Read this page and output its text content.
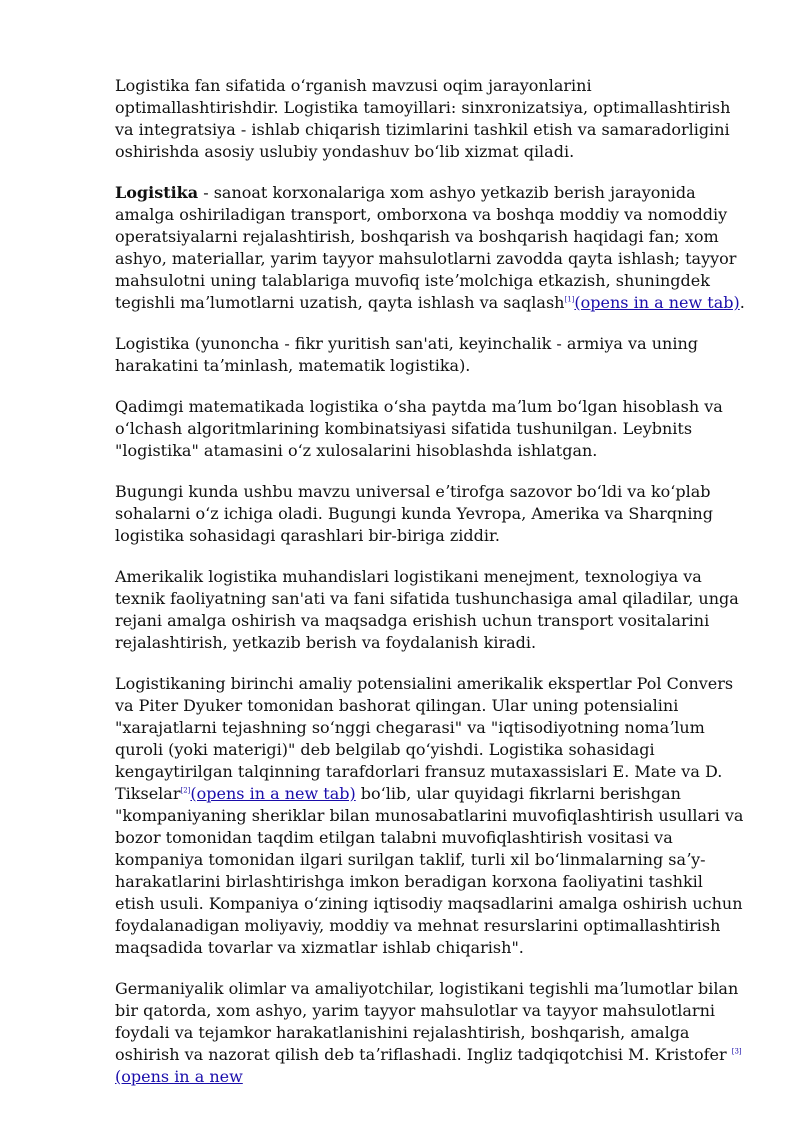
Logistika fan sifatida oʻrganish mavzusi oqim jarayonlarini optimallashtirishdir. Logistika tamoyillari: sinxronizatsiya, optimallashtirish va integratsiya - ishlab chiqarish tizimlarini tashkil etish va samaradorligini oshirishda asosiy uslubiy yondashuv boʻlib xizmat qiladi.

Logistika - sanoat korxonalariga xom ashyo yetkazib berish jarayonida amalga oshiriladigan transport, omborxona va boshqa moddiy va nomoddiy operatsiyalarni rejalashtirish, boshqarish va boshqarish haqidagi fan; xom ashyo, materiallar, yarim tayyor mahsulotlarni zavodda qayta ishlash; tayyor mahsulotni uning talablariga muvofiq isteʼmolchiga etkazish, shuningdek tegishli maʼlumotlarni uzatish, qayta ishlash va saqlash[1](opens in a new tab).

Logistika (yunoncha - fikr yuritish san'ati, keyinchalik - armiya va uning harakatini taʼminlash, matematik logistika).

Qadimgi matematikada logistika oʻsha paytda maʼlum boʻlgan hisoblash va oʻlchash algoritmlarining kombinatsiyasi sifatida tushunilgan. Leybnits "logistika" atamasini oʻz xulosalarini hisoblashda ishlatgan.

Bugungi kunda ushbu mavzu universal eʼtirofga sazovor boʻldi va koʻplab sohalarni oʻz ichiga oladi. Bugungi kunda Yevropa, Amerika va Sharqning logistika sohasidagi qarashlari bir-biriga ziddir.

Amerikalik logistika muhandislari logistikani menejment, texnologiya va texnik faoliyatning san'ati va fani sifatida tushunchasiga amal qiladilar, unga rejani amalga oshirish va maqsadga erishish uchun transport vositalarini rejalashtirish, yetkazib berish va foydalanish kiradi.

Logistikaning birinchi amaliy potensialini amerikalik ekspertlar Pol Convers va Piter Dyuker tomonidan bashorat qilingan. Ular uning potensialini "xarajatlarni tejashning soʻnggi chegarasi" va "iqtisodiyotning nomaʼlum quroli (yoki materigi)" deb belgilab qoʻyishdi. Logistika sohasidagi kengaytirilgan talqinning tarafdorlari fransuz mutaxassislari E. Mate va D. Tikselar[2](opens in a new tab) boʻlib, ular quyidagi fikrlarni berishgan "kompaniyaning sheriklar bilan munosabatlarini muvofiqlashtirish usullari va bozor tomonidan taqdim etilgan talabni muvofiqlashtirish vositasi va kompaniya tomonidan ilgari surilgan taklif, turli xil boʻlinmalarning saʼy-harakatlarini birlashtirishga imkon beradigan korxona faoliyatini tashkil etish usuli. Kompaniya oʻzining iqtisodiy maqsadlarini amalga oshirish uchun foydalanadigan moliyaviy, moddiy va mehnat resurslarini optimallashtirish maqsadida tovarlar va xizmatlar ishlab chiqarish".

Germaniyalik olimlar va amaliyotchilar, logistikani tegishli maʼlumotlar bilan bir qatorda, xom ashyo, yarim tayyor mahsulotlar va tayyor mahsulotlarni foydali va tejamkor harakatlanishini rejalashtirish, boshqarish, amalga oshirish va nazorat qilish deb taʼriflashadi. Ingliz tadqiqotchisi M. Kristofer [3](opens in a new
